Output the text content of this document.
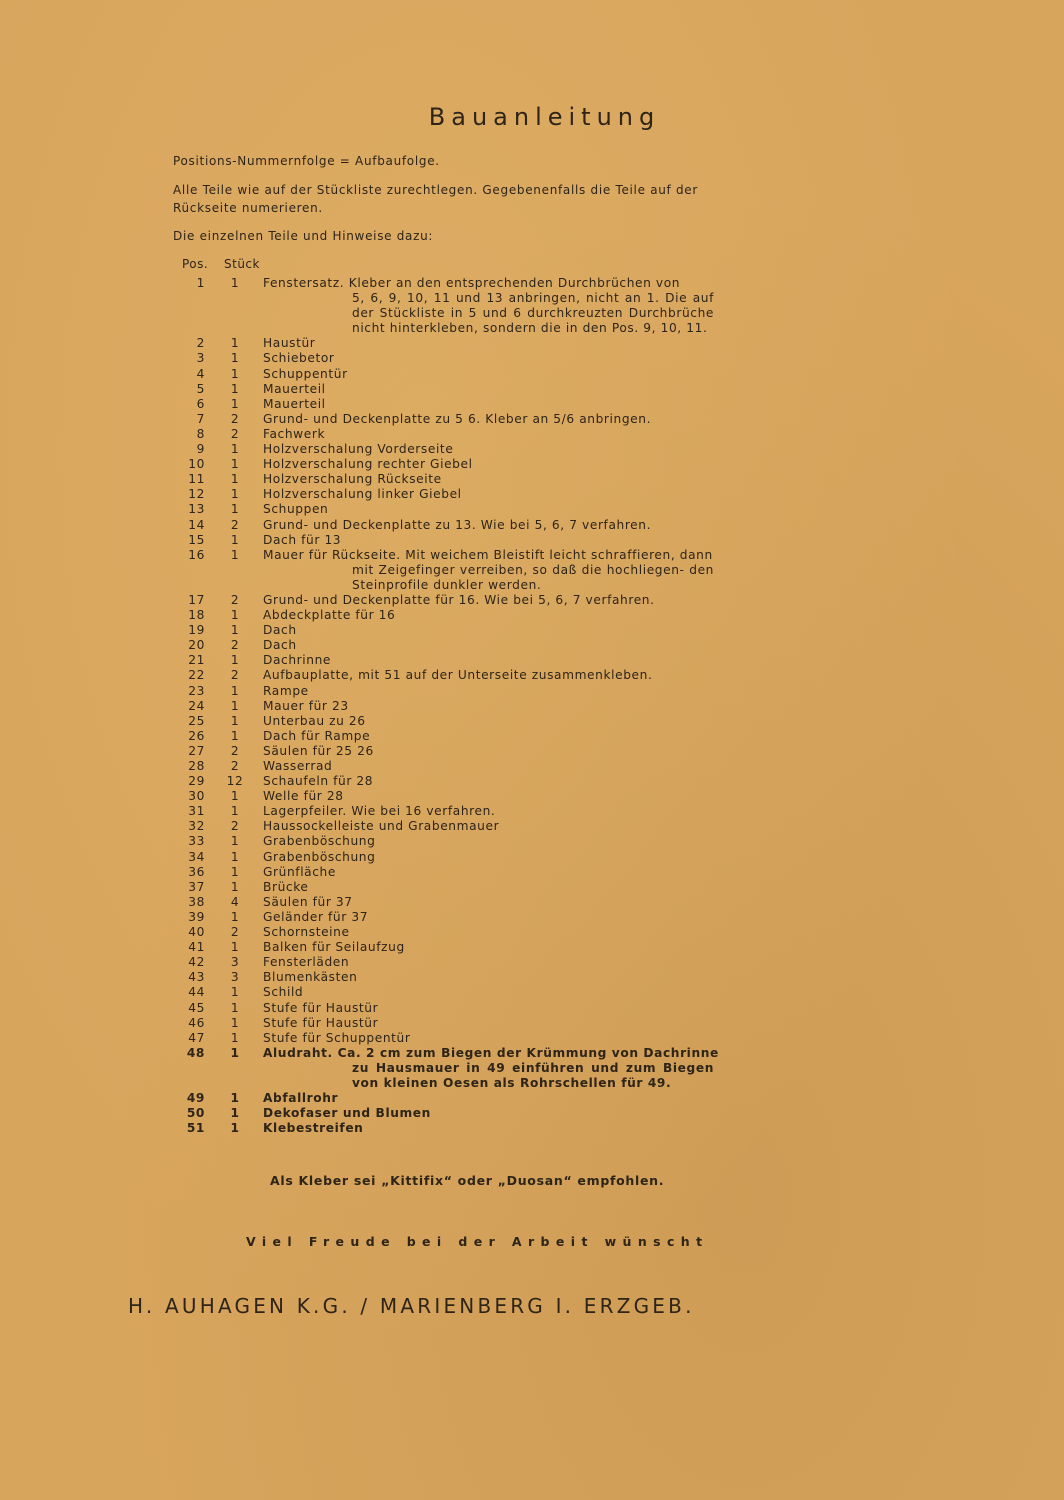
Bauanleitung
Positions-Nummernfolge = Aufbaufolge.
Alle Teile wie auf der Stückliste zurechtlegen. Gegebenenfalls die Teile auf der Rückseite numerieren.
Die einzelnen Teile und Hinweise dazu:
Pos. Stück
1	1	Fenstersatz. Kleber an den entsprechenden Durchbrüchen von
5, 6, 9, 10, 11 und 13 anbringen, nicht an 1. Die auf der Stückliste in 5 und 6 durchkreuzten Durchbrüche nicht hinterkleben, sondern die in den Pos. 9, 10, 11.
2	1	Haustür
3	1	Schiebetor
4	1	Schuppentür
5	1	Mauerteil
6	1	Mauerteil
7	2	Grund- und Deckenplatte zu 5 6. Kleber an 5/6 anbringen.
8	2	Fachwerk
9	1	Holzverschalung Vorderseite
10	1	Holzverschalung rechter Giebel
11	1	Holzverschalung Rückseite
12	1	Holzverschalung linker Giebel
13	1	Schuppen
14	2	Grund- und Deckenplatte zu 13. Wie bei 5, 6, 7 verfahren.
15	1	Dach für 13
16	1	Mauer für Rückseite. Mit weichem Bleistift leicht schraffieren, dann
mit Zeigefinger verreiben, so daß die hochliegen- den Steinprofile dunkler werden.
17	2	Grund- und Deckenplatte für 16. Wie bei 5, 6, 7 verfahren.
18	1	Abdeckplatte für 16
19	1	Dach
20	2	Dach
21	1	Dachrinne
22	2	Aufbauplatte, mit 51 auf der Unterseite zusammenkleben.
23	1	Rampe
24	1	Mauer für 23
25	1	Unterbau zu 26
26	1	Dach für Rampe
27	2	Säulen für 25 26
28	2	Wasserrad
29	12	Schaufeln für 28
30	1	Welle für 28
31	1	Lagerpfeiler. Wie bei 16 verfahren.
32	2	Haussockelleiste und Grabenmauer
33	1	Grabenböschung
34	1	Grabenböschung
36	1	Grünfläche
37	1	Brücke
38	4	Säulen für 37
39	1	Geländer für 37
40	2	Schornsteine
41	1	Balken für Seilaufzug
42	3	Fensterläden
43	3	Blumenkästen
44	1	Schild
45	1	Stufe für Haustür
46	1	Stufe für Haustür
47	1	Stufe für Schuppentür
48	1	Aludraht. Ca. 2 cm zum Biegen der Krümmung von Dachrinne
zu Hausmauer in 49 einführen und zum Biegen von kleinen Oesen als Rohrschellen für 49.
49	1	Abfallrohr
50	1	Dekofaser und Blumen
51	1	Klebestreifen
Als Kleber sei „Kittifix“ oder „Duosan“ empfohlen.
Viel Freude bei der Arbeit wünscht
H. AUHAGEN K.G. / MARIENBERG I. ERZGEB.
